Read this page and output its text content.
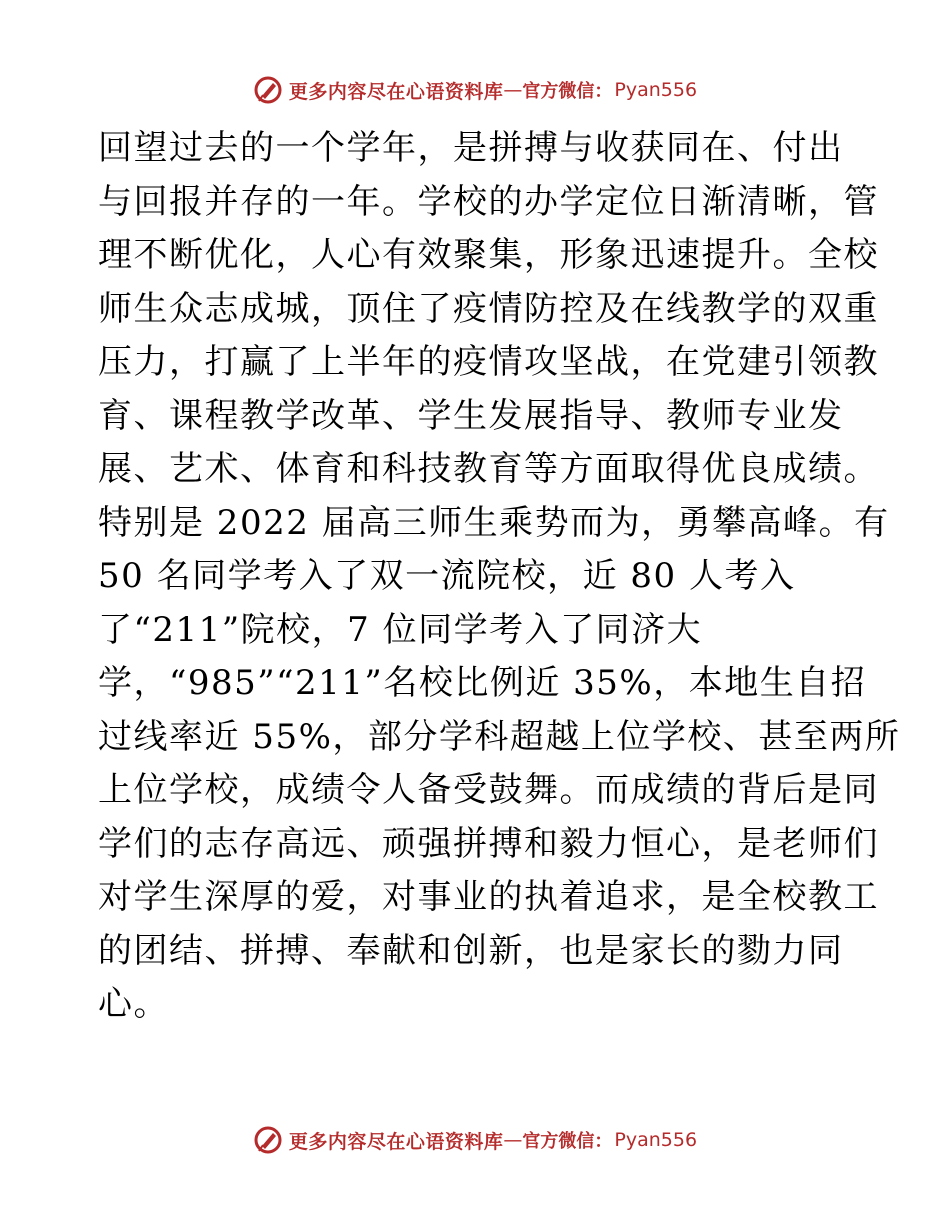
更多内容尽在心语资料库 — 官方微信： Pyan556
回望过去的一个学年，是拼搏与收获同在、付出
与回报并存的一年。学校的办学定位日渐清晰，管
理不断优化，人心有效聚集，形象迅速提升。全校
师生众志成城，顶住了疫情防控及在线教学的双重
压力，打赢了上半年的疫情攻坚战，在党建引领教
育、课程教学改革、学生发展指导、教师专业发
展、艺术、体育和科技教育等方面取得优良成绩。
特别是 2022 届高三师生乘势而为，勇攀高峰。有
50 名同学考入了双一流院校，近 80 人考入
了“211”院校，7 位同学考入了同济大
学，“985”“211”名校比例近 35%，本地生自招
过线率近 55%，部分学科超越上位学校、甚至两所
上位学校，成绩令人备受鼓舞。而成绩的背后是同
学们的志存高远、顽强拼搏和毅力恒心，是老师们
对学生深厚的爱，对事业的执着追求，是全校教工
的团结、拼搏、奉献和创新，也是家长的勠力同
心。
更多内容尽在心语资料库 — 官方微信： Pyan556
